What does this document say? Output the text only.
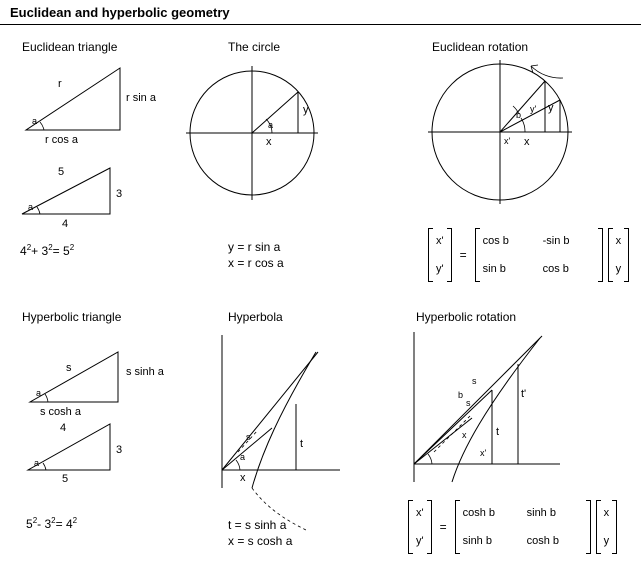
Euclidean and hyperbolic geometry
Euclidean triangle
r
r sin a
r cos a
a
5
3
4
a
$4^2+ 3^2= 5^2$
The circle
a
y
x
y = r sin a
x = r cos a
Euclidean rotation
b
y' y
x' x
x'
y'
=
cos b	-sin b
sin b	cos b
x
y
Hyperbolic triangle
s	s sinh a
s cosh a
a
4
3
5
a
$5^2-$ $3^2= 4^2$
Hyperbola
s
t
x
a
t = s sinh a
x = s cosh a
Hyperbolic rotation
s
b
s
t
t'
x
x'
x'
y'
=
cosh b	sinh b
sinh b	cosh b
x
y
